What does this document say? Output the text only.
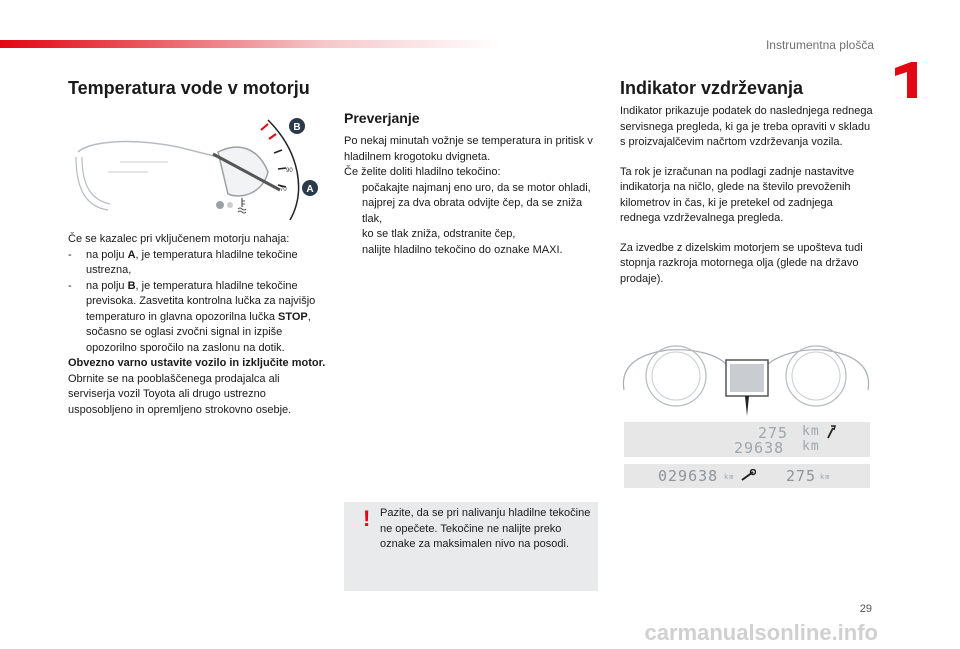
Instrumentna plošča
1
Temperatura vode v motorju
B
A
90
70
Če se kazalec pri vključenem motorju nahaja:
- na polju A, je temperatura hladilne tekočine ustrezna,
- na polju B, je temperatura hladilne tekočine previsoka. Zasvetita kontrolna lučka za najvišjo temperaturo in glavna opozorilna lučka STOP, sočasno se oglasi zvočni signal in izpiše opozorilno sporočilo na zaslonu na dotik.
Obvezno varno ustavite vozilo in izključite motor.
Obrnite se na pooblaščenega prodajalca ali serviserja vozil Toyota ali drugo ustrezno usposobljeno in opremljeno strokovno osebje.
Preverjanje
Po nekaj minutah vožnje se temperatura in pritisk v hladilnem krogotoku dvigneta.
Če želite doliti hladilno tekočino:
počakajte najmanj eno uro, da se motor ohladi,
najprej za dva obrata odvijte čep, da se zniža tlak,
ko se tlak zniža, odstranite čep,
nalijte hladilno tekočino do oznake MAXI.
! Pazite, da se pri nalivanju hladilne tekočine ne opečete. Tekočine ne nalijte preko oznake za maksimalen nivo na posodi.
Indikator vzdrževanja
Indikator prikazuje podatek do naslednjega rednega servisnega pregleda, ki ga je treba opraviti v skladu s proizvajalčevim načrtom vzdrževanja vozila.
Ta rok je izračunan na podlagi zadnje nastavitve indikatorja na ničlo, glede na število prevoženih kilometrov in čas, ki je pretekel od zadnjega rednega vzdrževalnega pregleda.
Za izvedbe z dizelskim motorjem se upošteva tudi stopnja razkroja motornega olja (glede na državo prodaje).
275 km
29638 km
029638 km	275 km
29
carmanualsonline.info
